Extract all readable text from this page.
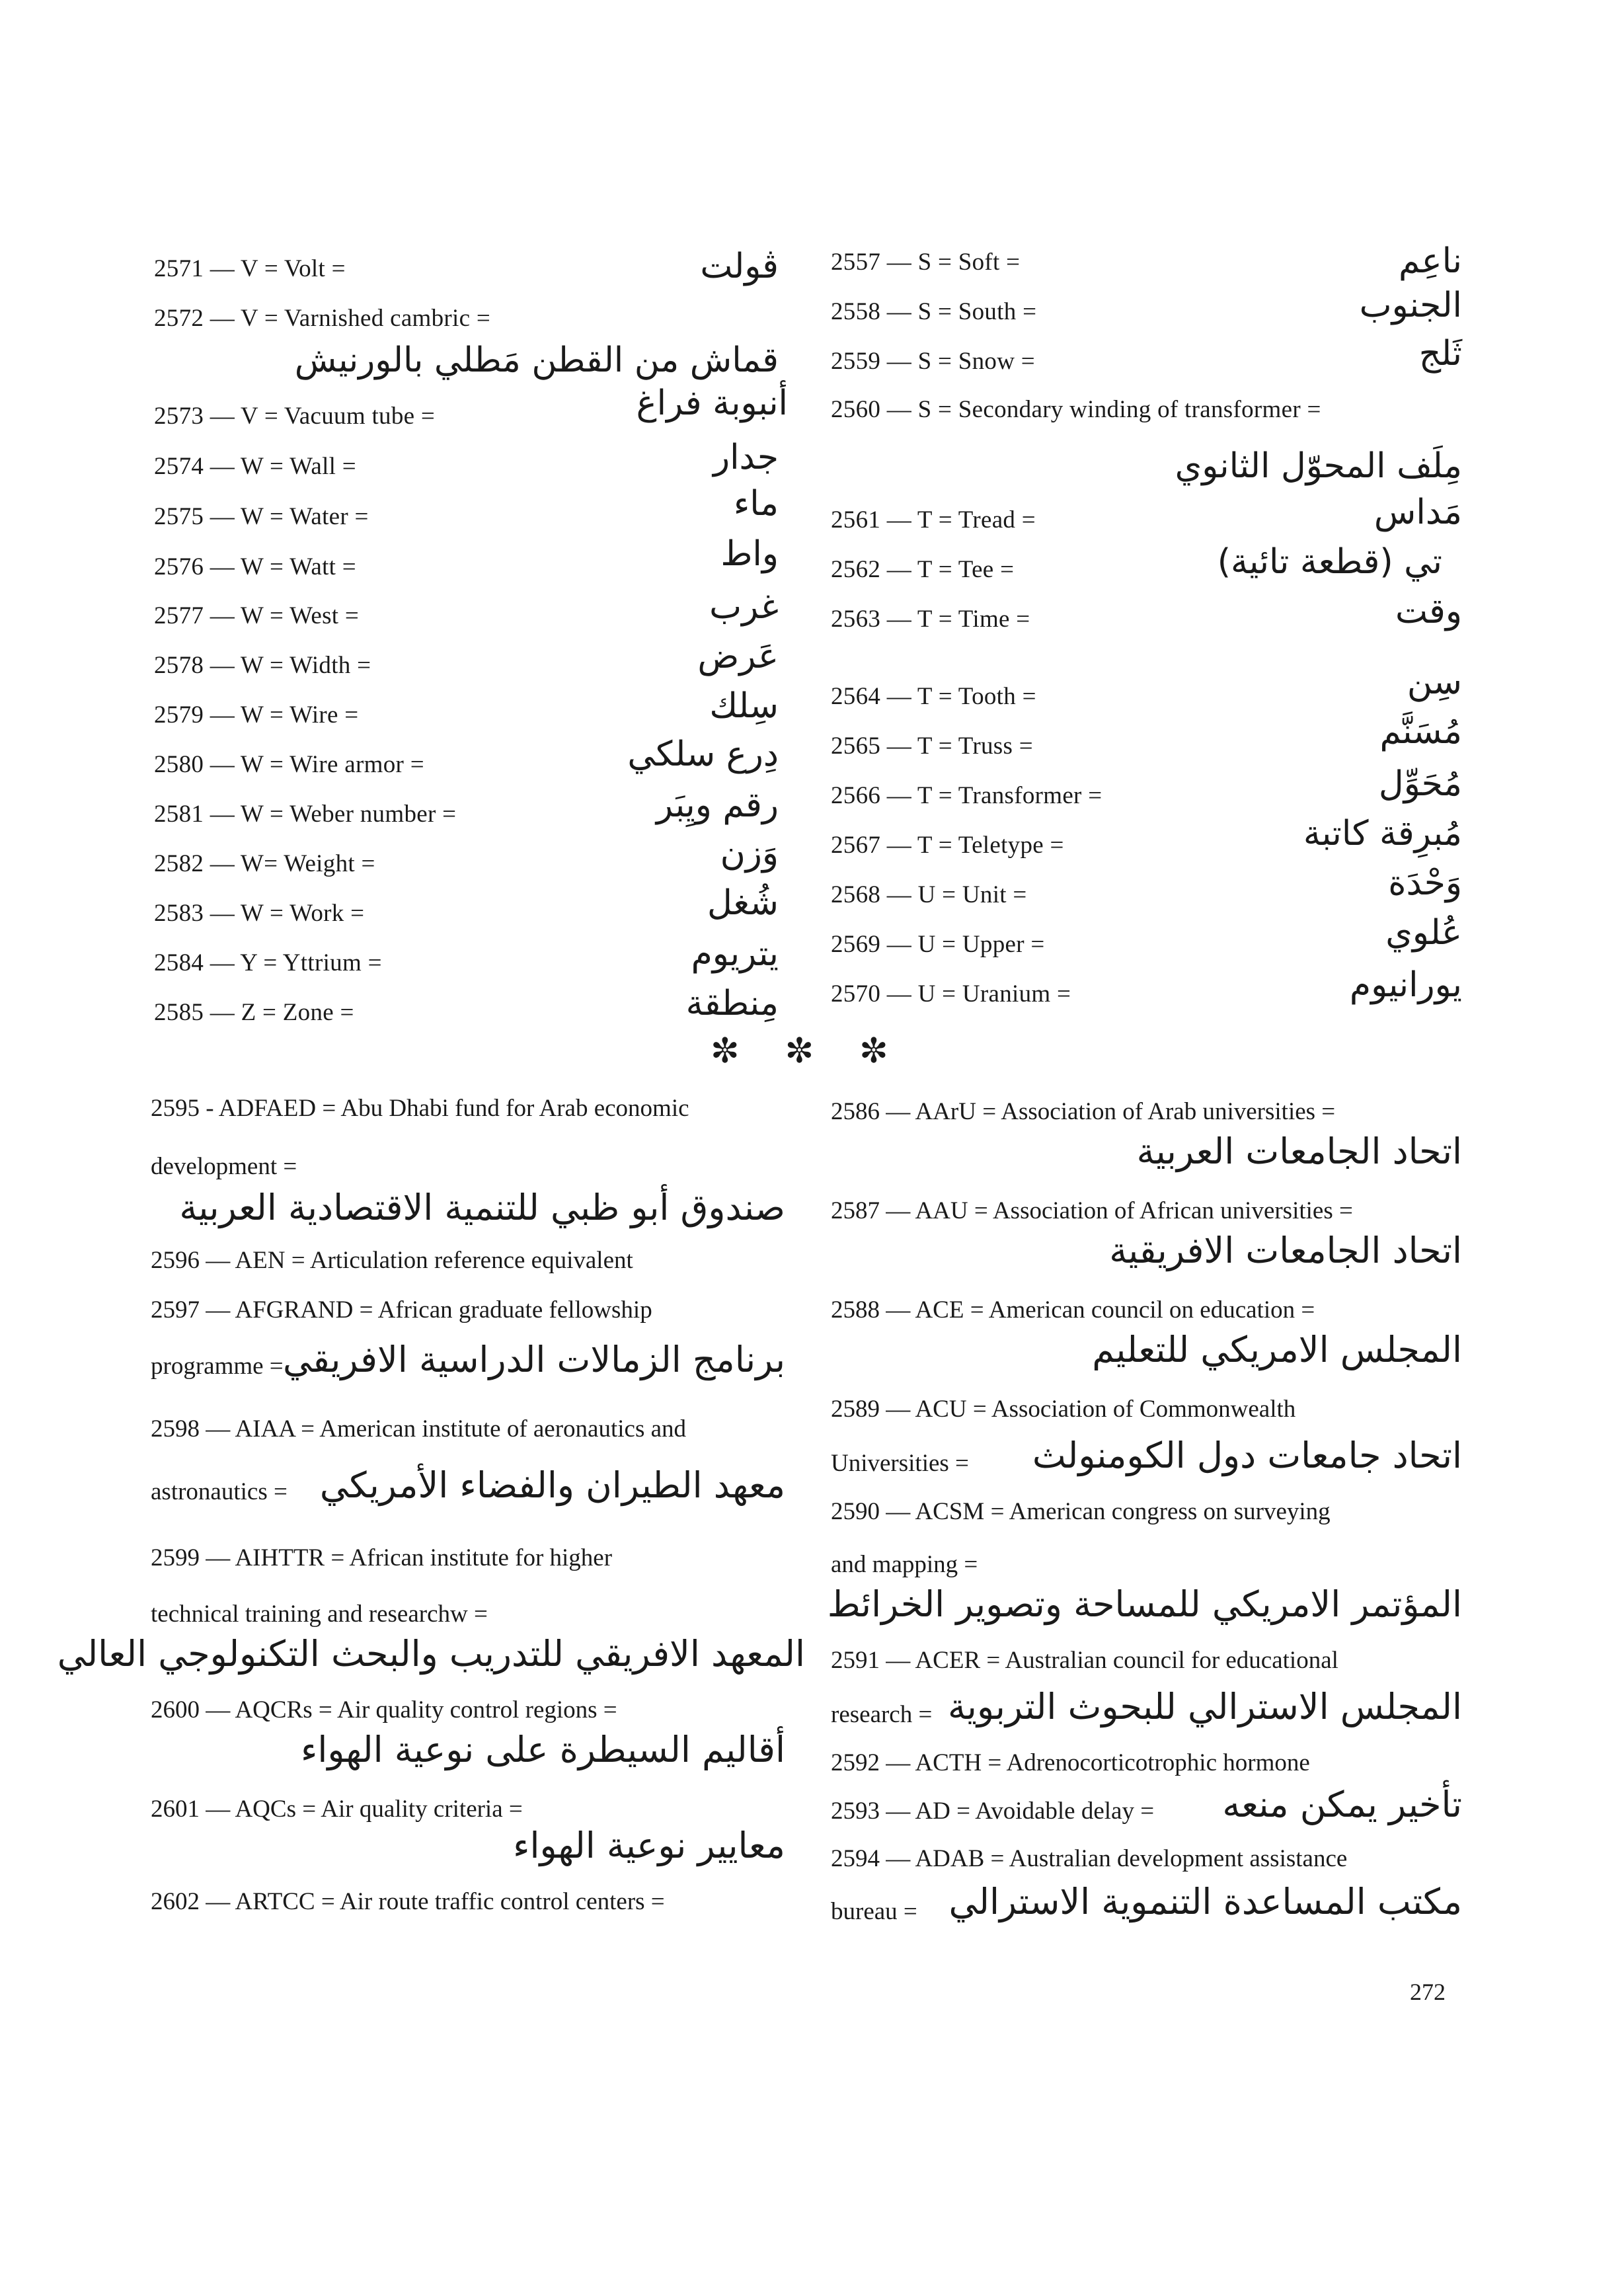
2571 — V = Volt =	ڤولت
2572 — V = Varnished cambric =
قماش من القطن مَطلي بالورنيش
2573 — V = Vacuum tube =	أنبوبة فراغ
2574 — W = Wall =	جدار
2575 — W = Water =	ماء
2576 — W = Watt =	واط
2577 — W = West =	غرب
2578 — W = Width =	عَرض
2579 — W = Wire =	سِلك
2580 — W = Wire armor =	دِرع سلكي
2581 — W = Weber number =	رقم ويِبَر
2582 — W= Weight =	وَزن
2583 — W = Work =	شُغل
2584 — Y = Yttrium =	يتريوم
2585 — Z = Zone =	مِنطقة
2557 — S = Soft =	ناعِم
2558 — S = South =	الجنوب
2559 — S = Snow =	ثَلج
2560 — S = Secondary winding of transformer =
مِلَف المحوّل الثانوي
2561 — T = Tread =	مَداس
2562 — T = Tee =	تي (قطعة تائية)
2563 — T = Time =	وقت
2564 — T = Tooth =	سِن
2565 — T = Truss =	مُسَنَّم
2566 — T = Transformer =	مُحَوِّل
2567 — T = Teletype =	مُبرِقة كاتبة
2568 — U = Unit =	وَحْدَة
2569 — U = Upper =	عُلوي
2570 — U = Uranium =	يورانيوم
✼ ✼ ✼
2595 - ADFAED = Abu Dhabi fund for Arab economic
development =
صندوق أبو ظبي للتنمية الاقتصادية العربية
2596 — AEN = Articulation reference equivalent
2597 — AFGRAND = African graduate fellowship
programme = برنامج الزمالات الدراسية الافريقي
2598 — AIAA = American institute of aeronautics and
astronautics = معهد الطيران والفضاء الأمريكي
2599 — AIHTTR = African institute for higher
technical training and researchw =
المعهد الافريقي للتدريب والبحث التكنولوجي العالي
2600 — AQCRs = Air quality control regions =
أقاليم السيطرة على نوعية الهواء
2601 — AQCs = Air quality criteria =
معايير نوعية الهواء
2602 — ARTCC = Air route traffic control centers =
2586 — AArU = Association of Arab universities =
اتحاد الجامعات العربية
2587 — AAU = Association of African universities =
اتحاد الجامعات الافريقية
2588 — ACE = American council on education =
المجلس الامريكي للتعليم
2589 — ACU = Association of Commonwealth
Universities = اتحاد جامعات دول الكومنولث
2590 — ACSM = American congress on surveying
and mapping =
المؤتمر الامريكي للمساحة وتصوير الخرائط
2591 — ACER = Australian council for educational
research = المجلس الاسترالي للبحوث التربوية
2592 — ACTH = Adrenocorticotrophic hormone
2593 — AD = Avoidable delay = تأخير يمكن منعه
2594 — ADAB = Australian development assistance
bureau = مكتب المساعدة التنموية الاسترالي
272
